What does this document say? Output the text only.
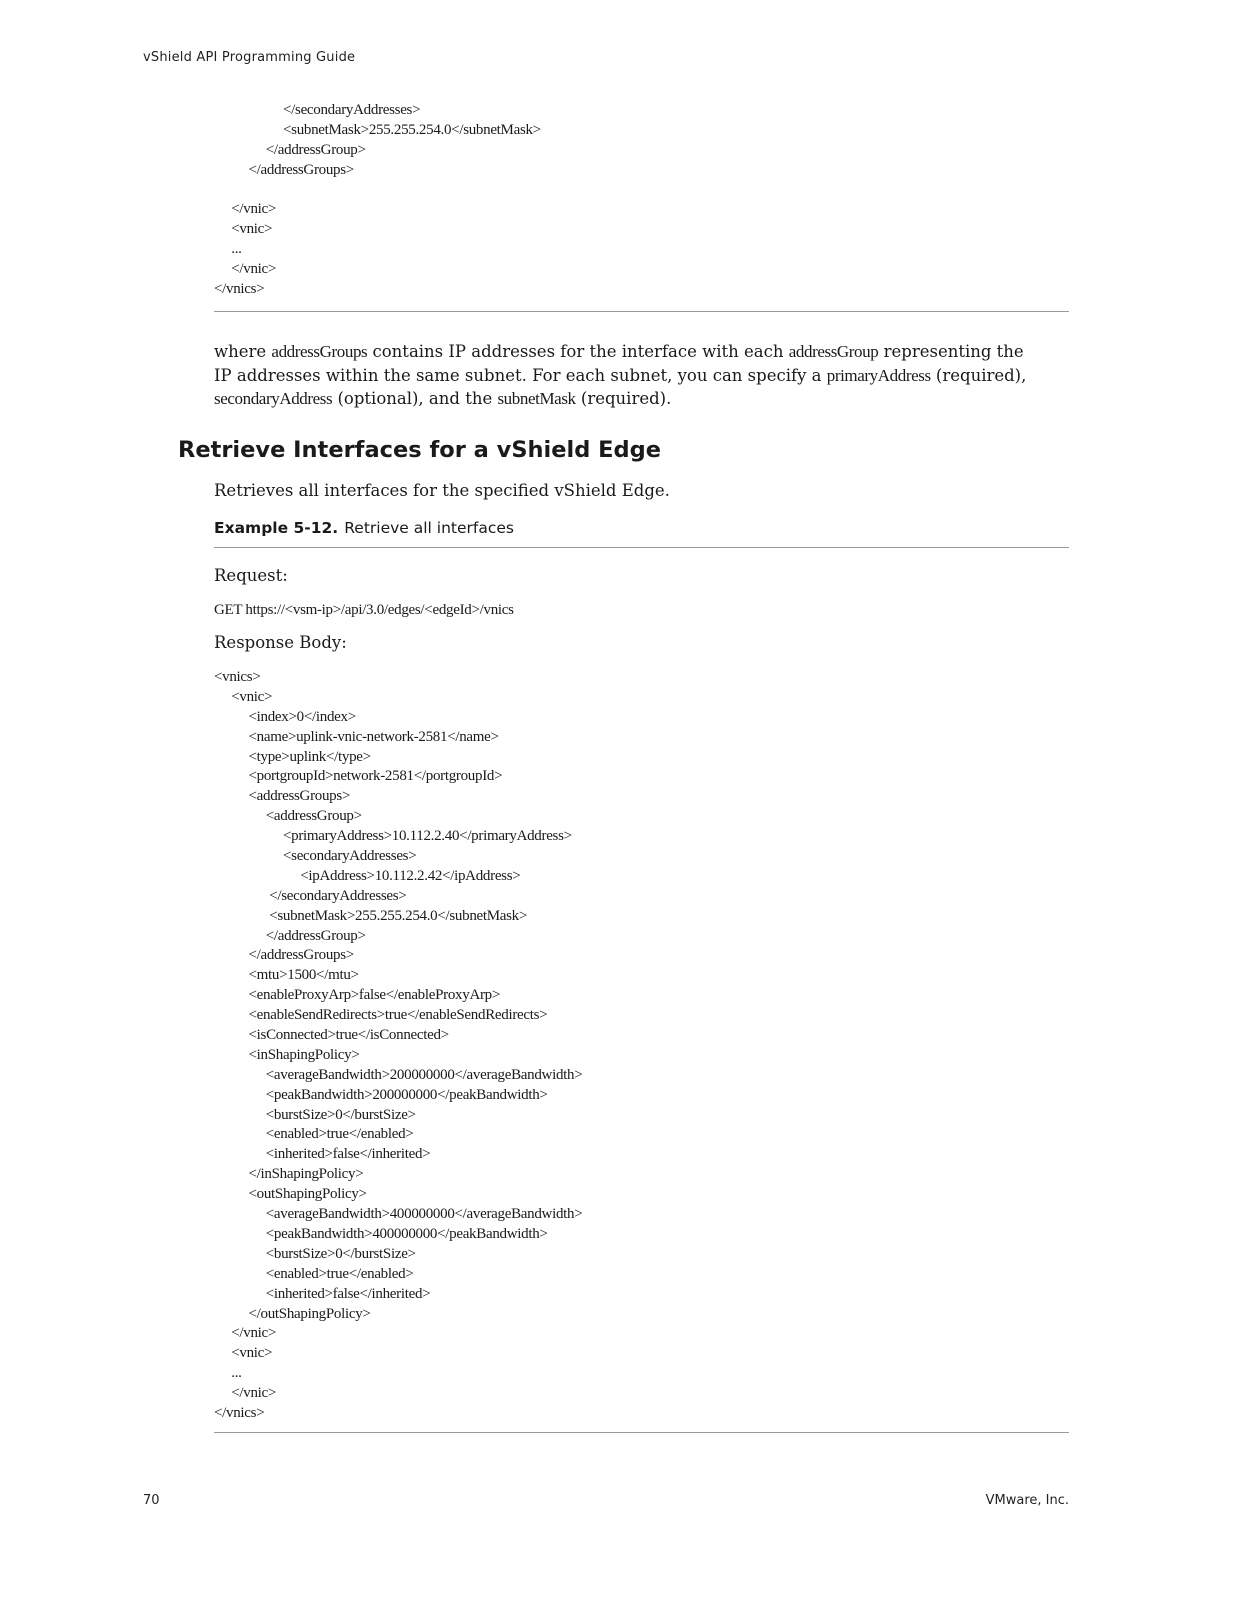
vShield API Programming Guide
</secondaryAddresses>
<subnetMask>255.255.254.0</subnetMask>
</addressGroup>
</addressGroups>
</vnic>
<vnic>
...
</vnic>
</vnics>

where addressGroups contains IP addresses for the interface with each addressGroup representing the IP addresses within the same subnet. For each subnet, you can specify a primaryAddress (required), secondaryAddress (optional), and the subnetMask (required).

Retrieve Interfaces for a vShield Edge
Retrieves all interfaces for the specified vShield Edge.
Example 5-12. Retrieve all interfaces
Request:
GET https://<vsm-ip>/api/3.0/edges/<edgeId>/vnics
Response Body:
<vnics>
<vnic>
<index>0</index>
<name>uplink-vnic-network-2581</name>
<type>uplink</type>
<portgroupId>network-2581</portgroupId>
<addressGroups>
<addressGroup>
<primaryAddress>10.112.2.40</primaryAddress>
<secondaryAddresses>
<ipAddress>10.112.2.42</ipAddress>
</secondaryAddresses>
<subnetMask>255.255.254.0</subnetMask>
</addressGroup>
</addressGroups>
<mtu>1500</mtu>
<enableProxyArp>false</enableProxyArp>
<enableSendRedirects>true</enableSendRedirects>
<isConnected>true</isConnected>
<inShapingPolicy>
<averageBandwidth>200000000</averageBandwidth>
<peakBandwidth>200000000</peakBandwidth>
<burstSize>0</burstSize>
<enabled>true</enabled>
<inherited>false</inherited>
</inShapingPolicy>
<outShapingPolicy>
<averageBandwidth>400000000</averageBandwidth>
<peakBandwidth>400000000</peakBandwidth>
<burstSize>0</burstSize>
<enabled>true</enabled>
<inherited>false</inherited>
</outShapingPolicy>
</vnic>
<vnic>
...
</vnic>
</vnics>
70	VMware, Inc.
